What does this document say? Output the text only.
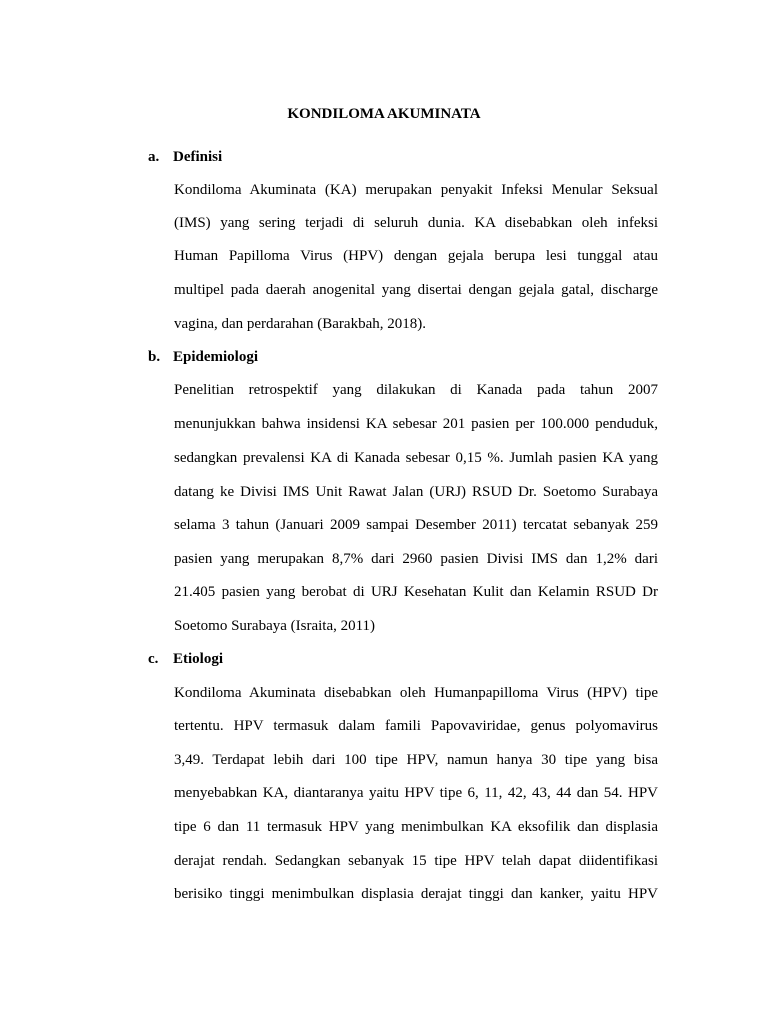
KONDILOMA AKUMINATA
a. Definisi
Kondiloma Akuminata (KA) merupakan penyakit Infeksi Menular Seksual
(IMS) yang sering terjadi di seluruh dunia. KA disebabkan oleh infeksi
Human Papilloma Virus (HPV) dengan gejala berupa lesi tunggal atau
multipel pada daerah anogenital yang disertai dengan gejala gatal, discharge
vagina, dan perdarahan (Barakbah, 2018).
b. Epidemiologi
Penelitian retrospektif yang dilakukan di Kanada pada tahun 2007
menunjukkan bahwa insidensi KA sebesar 201 pasien per 100.000 penduduk,
sedangkan prevalensi KA di Kanada sebesar 0,15 %. Jumlah pasien KA yang
datang ke Divisi IMS Unit Rawat Jalan (URJ) RSUD Dr. Soetomo Surabaya
selama 3 tahun (Januari 2009 sampai Desember 2011) tercatat sebanyak 259
pasien yang merupakan 8,7% dari 2960 pasien Divisi IMS dan 1,2% dari
21.405 pasien yang berobat di URJ Kesehatan Kulit dan Kelamin RSUD Dr
Soetomo Surabaya (Israita, 2011)
c. Etiologi
Kondiloma Akuminata disebabkan oleh Humanpapilloma Virus (HPV) tipe
tertentu. HPV termasuk dalam famili Papovaviridae, genus polyomavirus
3,49. Terdapat lebih dari 100 tipe HPV, namun hanya 30 tipe yang bisa
menyebabkan KA, diantaranya yaitu HPV tipe 6, 11, 42, 43, 44 dan 54. HPV
tipe 6 dan 11 termasuk HPV yang menimbulkan KA eksofilik dan displasia
derajat rendah. Sedangkan sebanyak 15 tipe HPV telah dapat diidentifikasi
berisiko tinggi menimbulkan displasia derajat tinggi dan kanker, yaitu HPV
